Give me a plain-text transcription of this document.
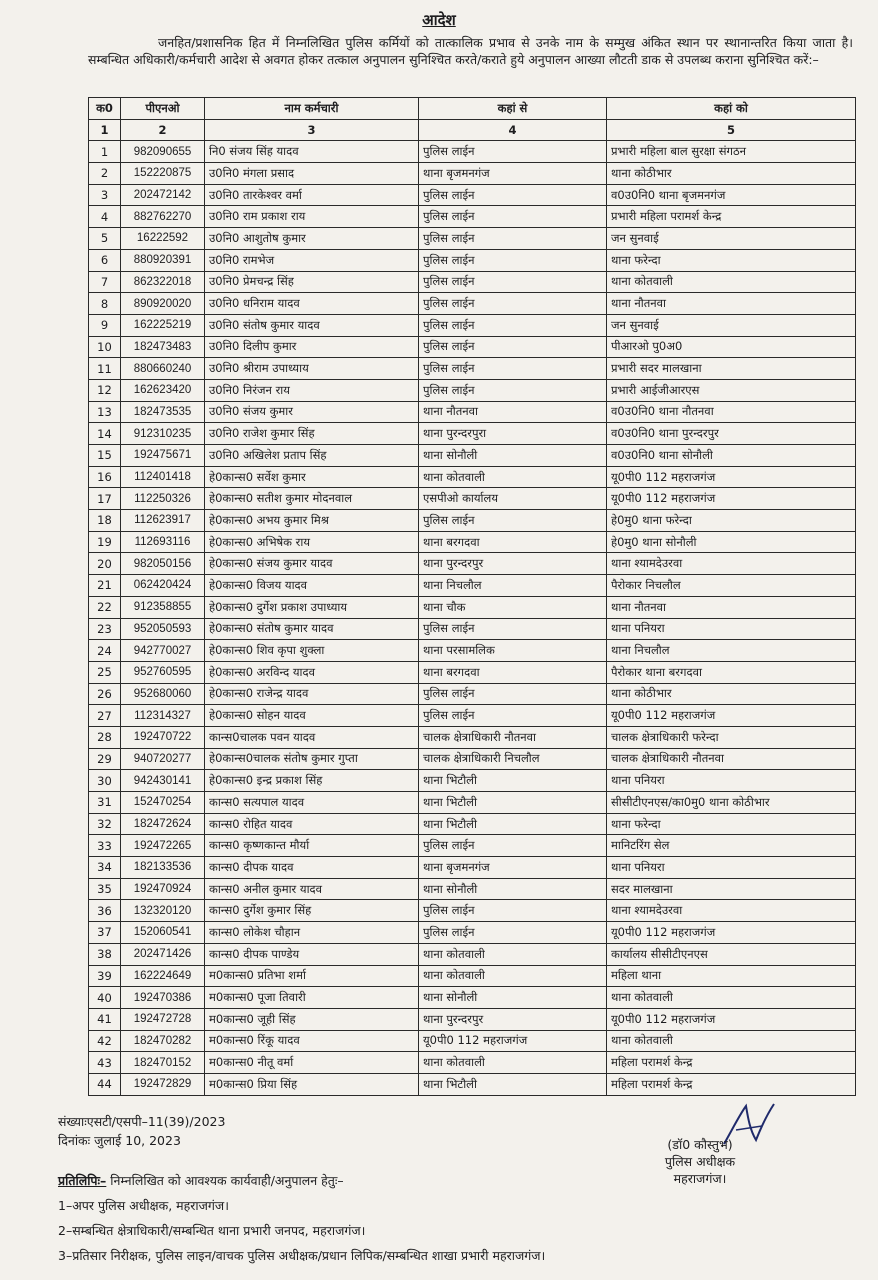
आदेश

जनहित/प्रशासनिक हित में निम्नलिखित पुलिस कर्मियों को तात्कालिक प्रभाव से उनके नाम के सम्मुख अंकित स्थान पर स्थानान्तरित किया जाता है। सम्बन्धित अधिकारी/कर्मचारी आदेश से अवगत होकर तत्काल अनुपालन सुनिश्चित करते/कराते हुये अनुपालन आख्या लौटती डाक से उपलब्ध कराना सुनिश्चित करें:–

क0	पीएनओ	नाम कर्मचारी	कहां से	कहां को
1	2	3	4	5
1	982090655	नि0 संजय सिंह यादव	पुलिस लाईन	प्रभारी महिला बाल सुरक्षा संगठन
2	152220875	उ0नि0 मंगला प्रसाद	थाना बृजमनगंज	थाना कोठीभार
3	202472142	उ0नि0 तारकेश्वर वर्मा	पुलिस लाईन	व0उ0नि0 थाना बृजमनगंज
4	882762270	उ0नि0 राम प्रकाश राय	पुलिस लाईन	प्रभारी महिला परामर्श केन्द्र
5	16222592	उ0नि0 आशुतोष कुमार	पुलिस लाईन	जन सुनवाई
6	880920391	उ0नि0 रामभेज	पुलिस लाईन	थाना फरेन्दा
7	862322018	उ0नि0 प्रेमचन्द्र सिंह	पुलिस लाईन	थाना कोतवाली
8	890920020	उ0नि0 धनिराम यादव	पुलिस लाईन	थाना नौतनवा
9	162225219	उ0नि0 संतोष कुमार यादव	पुलिस लाईन	जन सुनवाई
10	182473483	उ0नि0 दिलीप कुमार	पुलिस लाईन	पीआरओ पु0अ0
11	880660240	उ0नि0 श्रीराम उपाध्याय	पुलिस लाईन	प्रभारी सदर मालखाना
12	162623420	उ0नि0 निरंजन राय	पुलिस लाईन	प्रभारी आईजीआरएस
13	182473535	उ0नि0 संजय कुमार	थाना नौतनवा	व0उ0नि0 थाना नौतनवा
14	912310235	उ0नि0 राजेश कुमार सिंह	थाना पुरन्दरपुरा	व0उ0नि0 थाना पुरन्दरपुर
15	192475671	उ0नि0 अखिलेश प्रताप सिंह	थाना सोनौली	व0उ0नि0 थाना सोनौली
16	112401418	हे0कान्स0 सर्वेश कुमार	थाना कोतवाली	यू0पी0 112 महराजगंज
17	112250326	हे0कान्स0 सतीश कुमार मोदनवाल	एसपीओ कार्यालय	यू0पी0 112 महराजगंज
18	112623917	हे0कान्स0 अभय कुमार मिश्र	पुलिस लाईन	हे0मु0 थाना फरेन्दा
19	112693116	हे0कान्स0 अभिषेक राय	थाना बरगदवा	हे0मु0 थाना सोनौली
20	982050156	हे0कान्स0 संजय कुमार यादव	थाना पुरन्दरपुर	थाना श्यामदेउरवा
21	062420424	हे0कान्स0 विजय यादव	थाना निचलौल	पैरोकार निचलौल
22	912358855	हे0कान्स0 दुर्गेश प्रकाश उपाध्याय	थाना चौक	थाना नौतनवा
23	952050593	हे0कान्स0 संतोष कुमार यादव	पुलिस लाईन	थाना पनियरा
24	942770027	हे0कान्स0 शिव कृपा शुक्ला	थाना परसामलिक	थाना निचलौल
25	952760595	हे0कान्स0 अरविन्द यादव	थाना बरगदवा	पैरोकार थाना बरगदवा
26	952680060	हे0कान्स0 राजेन्द्र यादव	पुलिस लाईन	थाना कोठीभार
27	112314327	हे0कान्स0 सोहन यादव	पुलिस लाईन	यू0पी0 112 महराजगंज
28	192470722	कान्स0चालक पवन यादव	चालक क्षेत्राधिकारी नौतनवा	चालक क्षेत्राधिकारी फरेन्दा
29	940720277	हे0कान्स0चालक संतोष कुमार गुप्ता	चालक क्षेत्राधिकारी निचलौल	चालक क्षेत्राधिकारी नौतनवा
30	942430141	हे0कान्स0 इन्द्र प्रकाश सिंह	थाना भिटौली	थाना पनियरा
31	152470254	कान्स0 सत्यपाल यादव	थाना भिटौली	सीसीटीएनएस/का0मु0 थाना कोठीभार
32	182472624	कान्स0 रोहित यादव	थाना भिटौली	थाना फरेन्दा
33	192472265	कान्स0 कृष्णकान्त मौर्या	पुलिस लाईन	मानिटरिंग सेल
34	182133536	कान्स0 दीपक यादव	थाना बृजमनगंज	थाना पनियरा
35	192470924	कान्स0 अनील कुमार यादव	थाना सोनौली	सदर मालखाना
36	132320120	कान्स0 दुर्गेश कुमार सिंह	पुलिस लाईन	थाना श्यामदेउरवा
37	152060541	कान्स0 लोकेश चौहान	पुलिस लाईन	यू0पी0 112 महराजगंज
38	202471426	कान्स0 दीपक पाण्डेय	थाना कोतवाली	कार्यालय सीसीटीएनएस
39	162224649	म0कान्स0 प्रतिभा शर्मा	थाना कोतवाली	महिला थाना
40	192470386	म0कान्स0 पूजा तिवारी	थाना सोनौली	थाना कोतवाली
41	192472728	म0कान्स0 जूही सिंह	थाना पुरन्दरपुर	यू0पी0 112 महराजगंज
42	182470282	म0कान्स0 रिंकू यादव	यू0पी0 112 महराजगंज	थाना कोतवाली
43	182470152	म0कान्स0 नीतू वर्मा	थाना कोतवाली	महिला परामर्श केन्द्र
44	192472829	म0कान्स0 प्रिया सिंह	थाना भिटौली	महिला परामर्श केन्द्र
संख्याःएसटी/एसपी–11(39)/2023
दिनांकः जुलाई 10, 2023	(डॉ0 कौस्तुभ)
पुलिस अधीक्षक
महराजगंज।
प्रतिलिपिः– निम्नलिखित को आवश्यक कार्यवाही/अनुपालन हेतुः–
1–अपर पुलिस अधीक्षक, महराजगंज।
2–सम्बन्धित क्षेत्राधिकारी/सम्बन्धित थाना प्रभारी जनपद, महराजगंज।
3–प्रतिसार निरीक्षक, पुलिस लाइन/वाचक पुलिस अधीक्षक/प्रधान लिपिक/सम्बन्धित शाखा प्रभारी महराजगंज।
